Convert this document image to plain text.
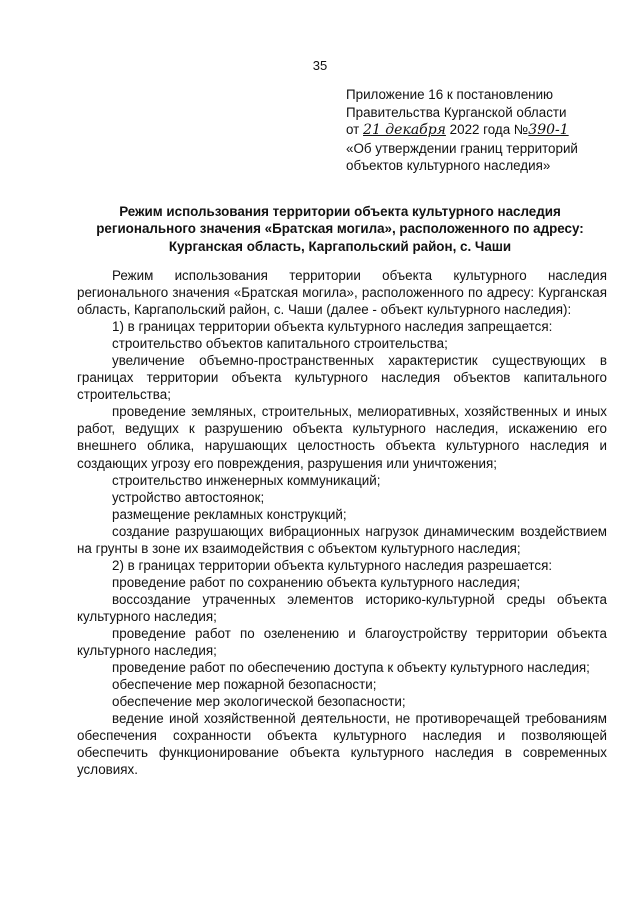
35
Приложение 16 к постановлению
Правительства Курганской области
от 21 декабря 2022 года №390-1
«Об утверждении границ территорий
объектов культурного наследия»
Режим использования территории объекта культурного наследия
регионального значения «Братская могила», расположенного по адресу:
Курганская область, Каргапольский район, с. Чаши

Режим использования территории объекта культурного наследия регионального значения «Братская могила», расположенного по адресу: Курганская область, Каргапольский район, с. Чаши (далее - объект культурного наследия):

1) в границах территории объекта культурного наследия запрещается:

строительство объектов капитального строительства;

увеличение объемно-пространственных характеристик существующих в границах территории объекта культурного наследия объектов капитального строительства;

проведение земляных, строительных, мелиоративных, хозяйственных и иных работ, ведущих к разрушению объекта культурного наследия, искажению его внешнего облика, нарушающих целостность объекта культурного наследия и создающих угрозу его повреждения, разрушения или уничтожения;

строительство инженерных коммуникаций;

устройство автостоянок;

размещение рекламных конструкций;

создание разрушающих вибрационных нагрузок динамическим воздействием на грунты в зоне их взаимодействия с объектом культурного наследия;

2) в границах территории объекта культурного наследия разрешается:

проведение работ по сохранению объекта культурного наследия;

воссоздание утраченных элементов историко-культурной среды объекта культурного наследия;

проведение работ по озеленению и благоустройству территории объекта культурного наследия;

проведение работ по обеспечению доступа к объекту культурного наследия;

обеспечение мер пожарной безопасности;

обеспечение мер экологической безопасности;

ведение иной хозяйственной деятельности, не противоречащей требованиям обеспечения сохранности объекта культурного наследия и позволяющей обеспечить функционирование объекта культурного наследия в современных условиях.
